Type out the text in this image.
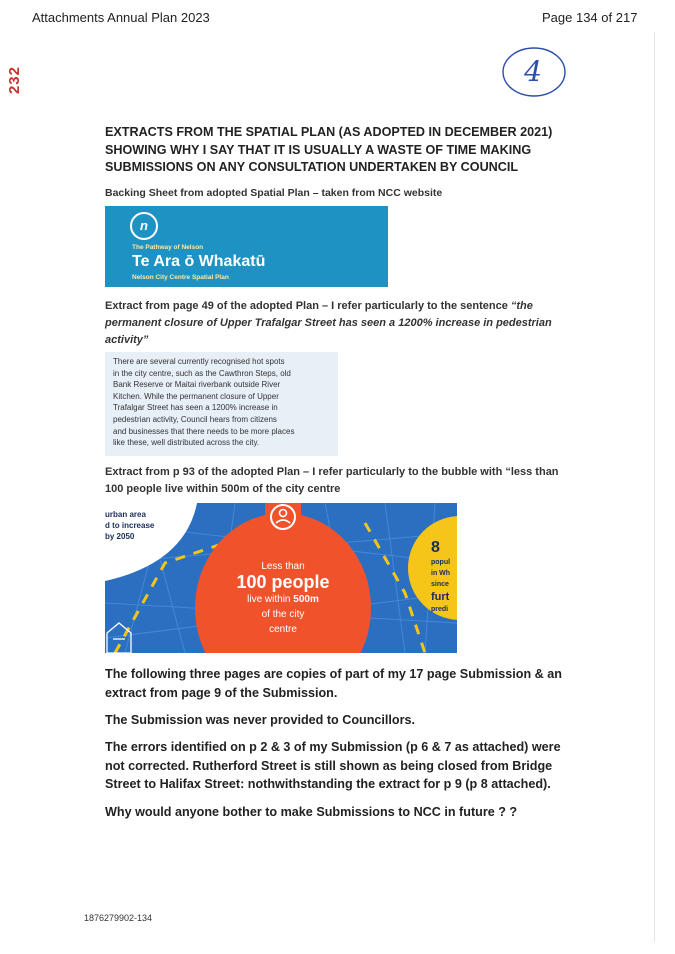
Attachments Annual Plan 2023	Page 134 of 217
232	4
EXTRACTS FROM THE SPATIAL PLAN (AS ADOPTED IN DECEMBER 2021)
SHOWING WHY I SAY THAT IT IS USUALLY A WASTE OF TIME MAKING
SUBMISSIONS ON ANY CONSULTATION UNDERTAKEN BY COUNCIL
Backing Sheet from adopted Spatial Plan – taken from NCC website
n
The Pathway of Nelson
Te Ara ō Whakatū
Nelson City Centre Spatial Plan
Extract from page 49 of the adopted Plan – I refer particularly to the sentence “the permanent closure of Upper Trafalgar Street has seen a 1200% increase in pedestrian activity”
There are several currently recognised hot spots
in the city centre, such as the Cawthron Steps, old
Bank Reserve or Maitai riverbank outside River
Kitchen. While the permanent closure of Upper
Trafalgar Street has seen a 1200% increase in
pedestrian activity, Council hears from citizens
and businesses that there needs to be more places
like these, well distributed across the city.
Extract from p 93 of the adopted Plan – I refer particularly to the bubble with “less than
100 people live within 500m of the city centre
urban area
d to increase
by 2050
Less than
100 people
live within 500m
of the city
centre
8
popul
in Wh
since
furt
predi
The following three pages are copies of part of my 17 page Submission & an
extract from page 9 of the Submission.
The Submission was never provided to Councillors.
The errors identified on p 2 & 3 of my Submission (p 6 & 7 as attached) were
not corrected. Rutherford Street is still shown as being closed from Bridge
Street to Halifax Street: nothwithstanding the extract for p 9 (p 8 attached).
Why would anyone bother to make Submissions to NCC in future ? ?
1876279902-134
